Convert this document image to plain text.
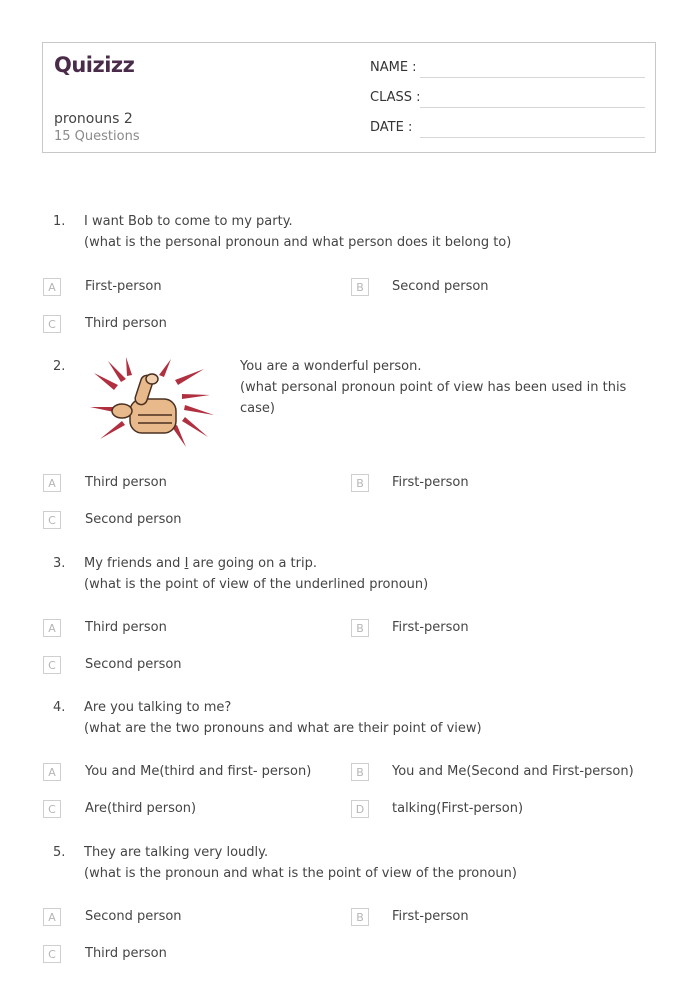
Quizizz
pronouns 2
15 Questions
NAME :
CLASS :
DATE :
1. I want Bob to come to my party.
(what is the personal pronoun and what person does it belong to)
A	First-person	B	Second person
C	Third person
2.	You are a wonderful person.
(what personal pronoun point of view has been used in this
case)
A	Third person	B	First-person
C	Second person
3. My friends and I are going on a trip.
(what is the point of view of the underlined pronoun)
A	Third person	B	First-person
C	Second person
4. Are you talking to me?
(what are the two pronouns and what are their point of view)
A	You and Me(third and first- person)	B	You and Me(Second and First-person)
C	Are(third person)	D	talking(First-person)
5. They are talking very loudly.
(what is the pronoun and what is the point of view of the pronoun)
A	Second person	B	First-person
C	Third person
